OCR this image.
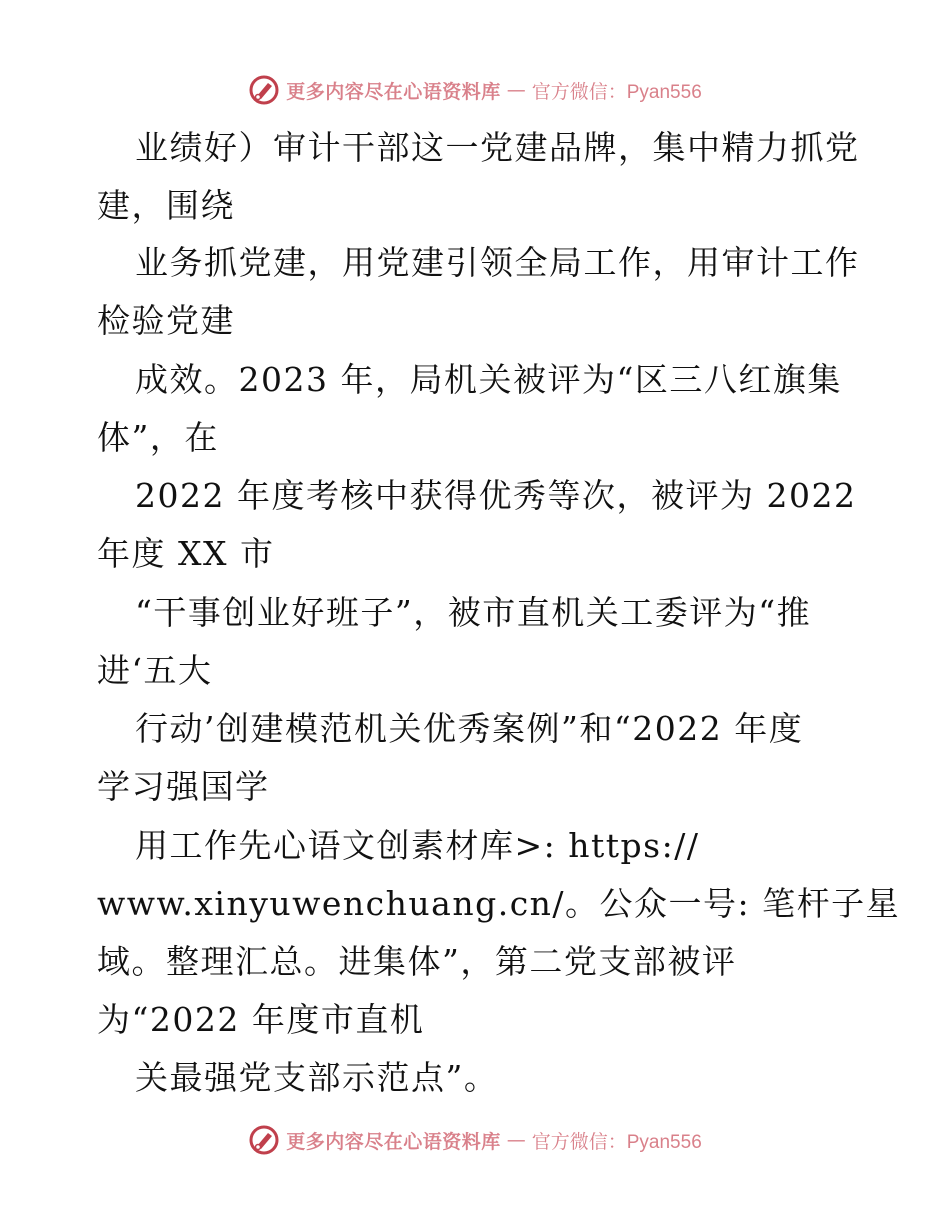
更多内容尽在心语资料库 — 官方微信：Pyan556
业绩好）审计干部这一党建品牌，集中精力抓党
建，围绕
业务抓党建，用党建引领全局工作，用审计工作
检验党建
成效。2023 年，局机关被评为“区三八红旗集
体”，在
2022 年度考核中获得优秀等次，被评为 2022
年度 XX 市
“干事创业好班子”，被市直机关工委评为“推
进‘五大
行动’创建模范机关优秀案例”和“2022 年度
学习强国学
用工作先心语文创素材库>: https://
www.xinyuwenchuang.cn/。公众一号: 笔杆子星
域。整理汇总。进集体”，第二党支部被评
为“2022 年度市直机
关最强党支部示范点”。
更多内容尽在心语资料库 — 官方微信：Pyan556
